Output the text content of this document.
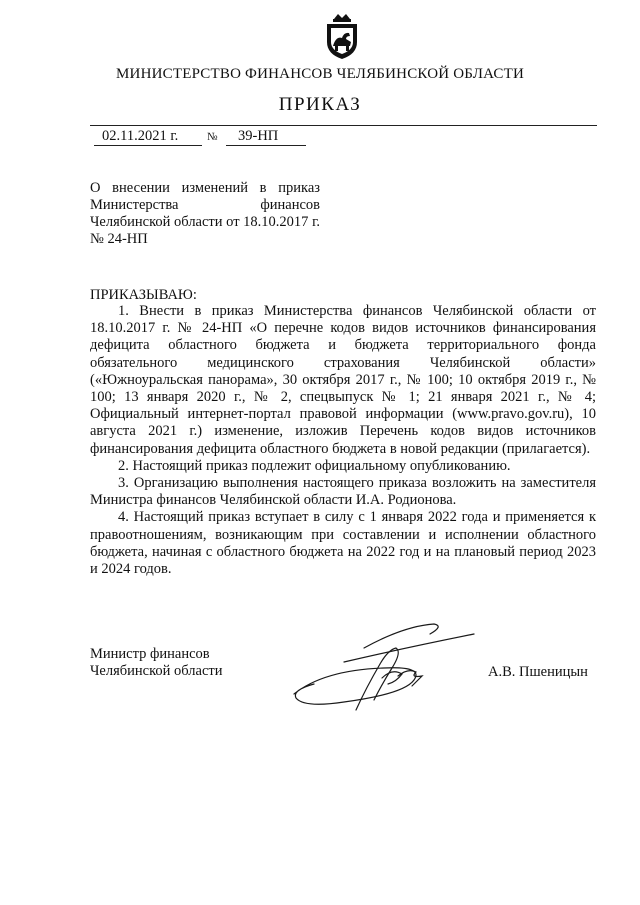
МИНИСТЕРСТВО ФИНАНСОВ ЧЕЛЯБИНСКОЙ ОБЛАСТИ
ПРИКАЗ
02.11.2021 г.	№	39-НП
О внесении изменений в приказ Министерства финансов Челябинской области от 18.10.2017 г. № 24-НП
ПРИКАЗЫВАЮ:

1. Внести в приказ Министерства финансов Челябинской области от 18.10.2017 г. № 24-НП «О перечне кодов видов источников финансирования дефицита областного бюджета и бюджета территориального фонда обязательного медицинского страхования Челябинской области» («Южноуральская панорама», 30 октября 2017 г., № 100; 10 октября 2019 г., № 100; 13 января 2020 г., № 2, спецвыпуск № 1; 21 января 2021 г., № 4; Официальный интернет-портал правовой информации (www.pravo.gov.ru), 10 августа 2021 г.) изменение, изложив Перечень кодов видов источников финансирования дефицита областного бюджета в новой редакции (прилагается).

2. Настоящий приказ подлежит официальному опубликованию.

3. Организацию выполнения настоящего приказа возложить на заместителя Министра финансов Челябинской области И.А. Родионова.

4. Настоящий приказ вступает в силу с 1 января 2022 года и применяется к правоотношениям, возникающим при составлении и исполнении областного бюджета, начиная с областного бюджета на 2022 год и на плановый период 2023 и 2024 годов.

Министр финансов
Челябинской области	А.В. Пшеницын
